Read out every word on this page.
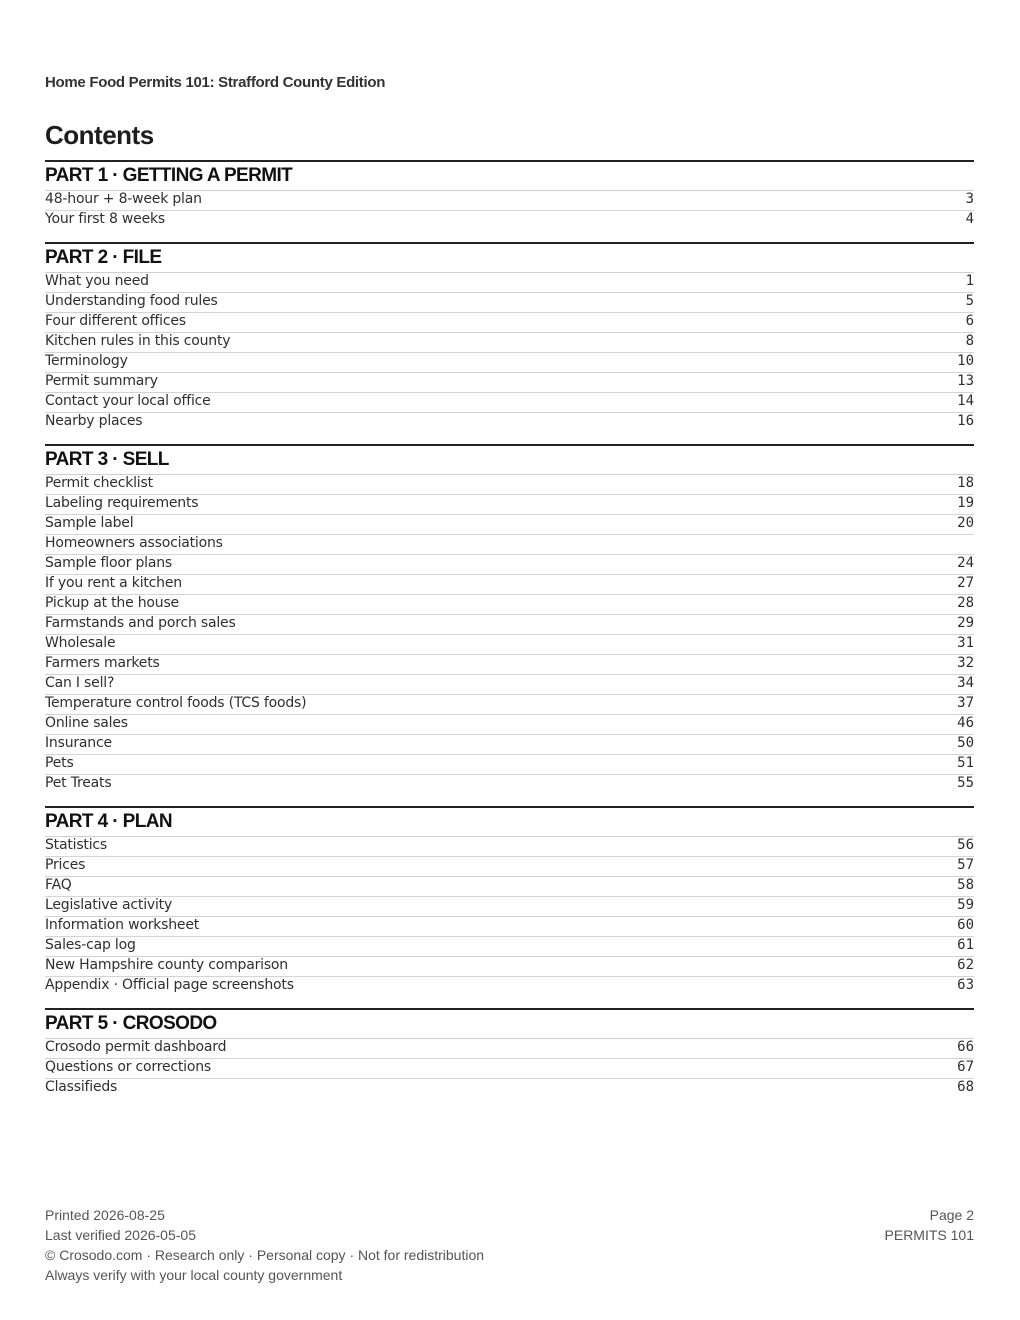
Home Food Permits 101: Strafford County Edition
Contents
PART 1 · GETTING A PERMIT
48-hour + 8-week plan	3
Your first 8 weeks	4
PART 2 · FILE
What you need	1
Understanding food rules	5
Four different offices	6
Kitchen rules in this county	8
Terminology	10
Permit summary	13
Contact your local office	14
Nearby places	16
PART 3 · SELL
Permit checklist	18
Labeling requirements	19
Sample label	20
Homeowners associations
Sample floor plans	24
If you rent a kitchen	27
Pickup at the house	28
Farmstands and porch sales	29
Wholesale	31
Farmers markets	32
Can I sell?	34
Temperature control foods (TCS foods)	37
Online sales	46
Insurance	50
Pets	51
Pet Treats	55
PART 4 · PLAN
Statistics	56
Prices	57
FAQ	58
Legislative activity	59
Information worksheet	60
Sales-cap log	61
New Hampshire county comparison	62
Appendix · Official page screenshots	63
PART 5 · CROSODO
Crosodo permit dashboard	66
Questions or corrections	67
Classifieds	68
Printed 2026-08-25
Last verified 2026-05-05
© Crosodo.com · Research only · Personal copy · Not for redistribution
Always verify with your local county government
Page 2
PERMITS 101
